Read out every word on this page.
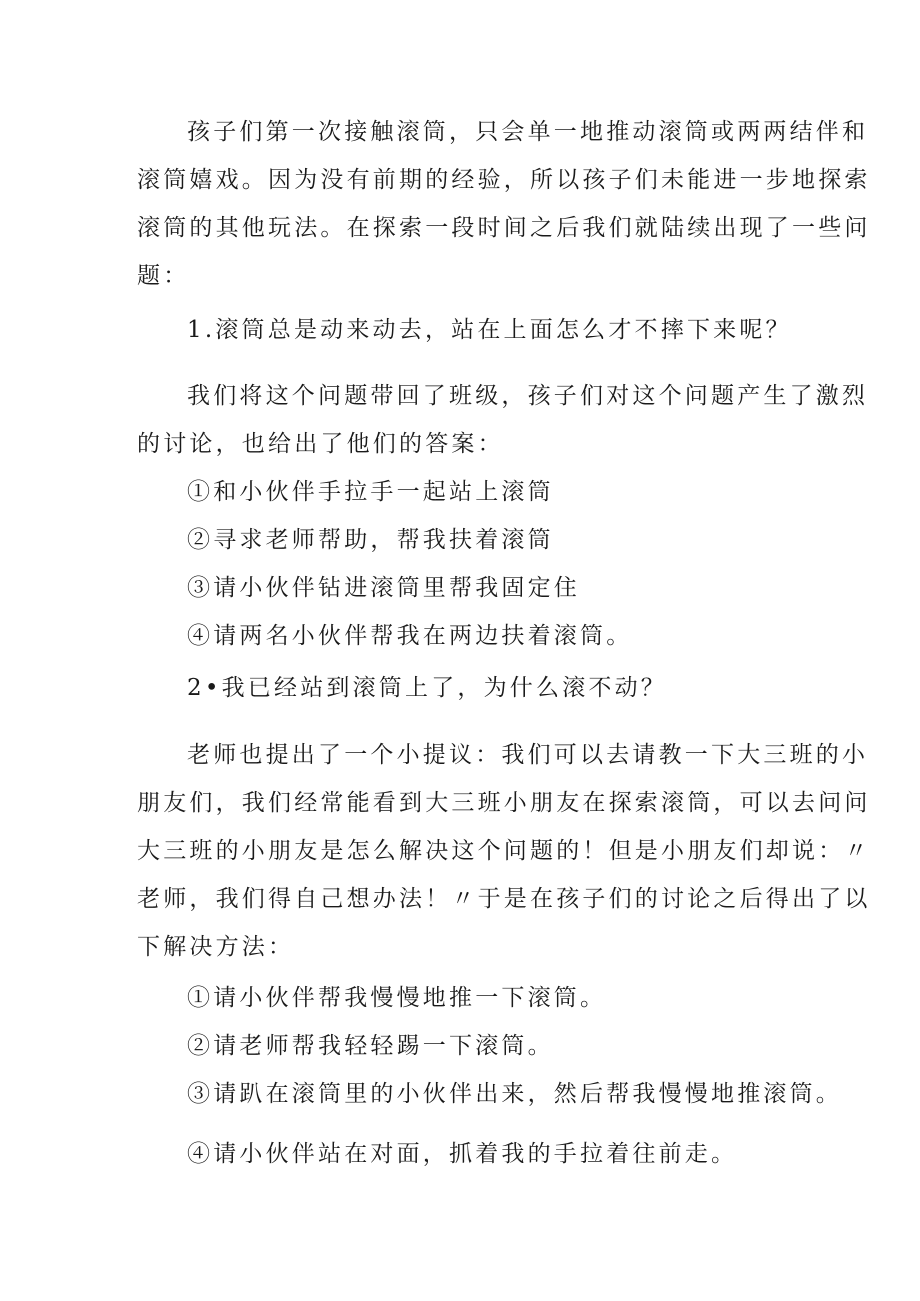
孩子们第一次接触滚筒，只会单一地推动滚筒或两两结伴和
滚筒嬉戏。因为没有前期的经验，所以孩子们未能进一步地探索
滚筒的其他玩法。在探索一段时间之后我们就陆续出现了一些问
题：
1.滚筒总是动来动去，站在上面怎么才不摔下来呢？
我们将这个问题带回了班级，孩子们对这个问题产生了激烈
的讨论，也给出了他们的答案：
①和小伙伴手拉手一起站上滚筒
②寻求老师帮助，帮我扶着滚筒
③请小伙伴钻进滚筒里帮我固定住
④请两名小伙伴帮我在两边扶着滚筒。
2•我已经站到滚筒上了，为什么滚不动？
老师也提出了一个小提议：我们可以去请教一下大三班的小
朋友们，我们经常能看到大三班小朋友在探索滚筒，可以去问问
大三班的小朋友是怎么解决这个问题的！但是小朋友们却说：〃
老师，我们得自己想办法！〃于是在孩子们的讨论之后得出了以
下解决方法：
①请小伙伴帮我慢慢地推一下滚筒。
②请老师帮我轻轻踢一下滚筒。
③请趴在滚筒里的小伙伴出来，然后帮我慢慢地推滚筒。
④请小伙伴站在对面，抓着我的手拉着往前走。
